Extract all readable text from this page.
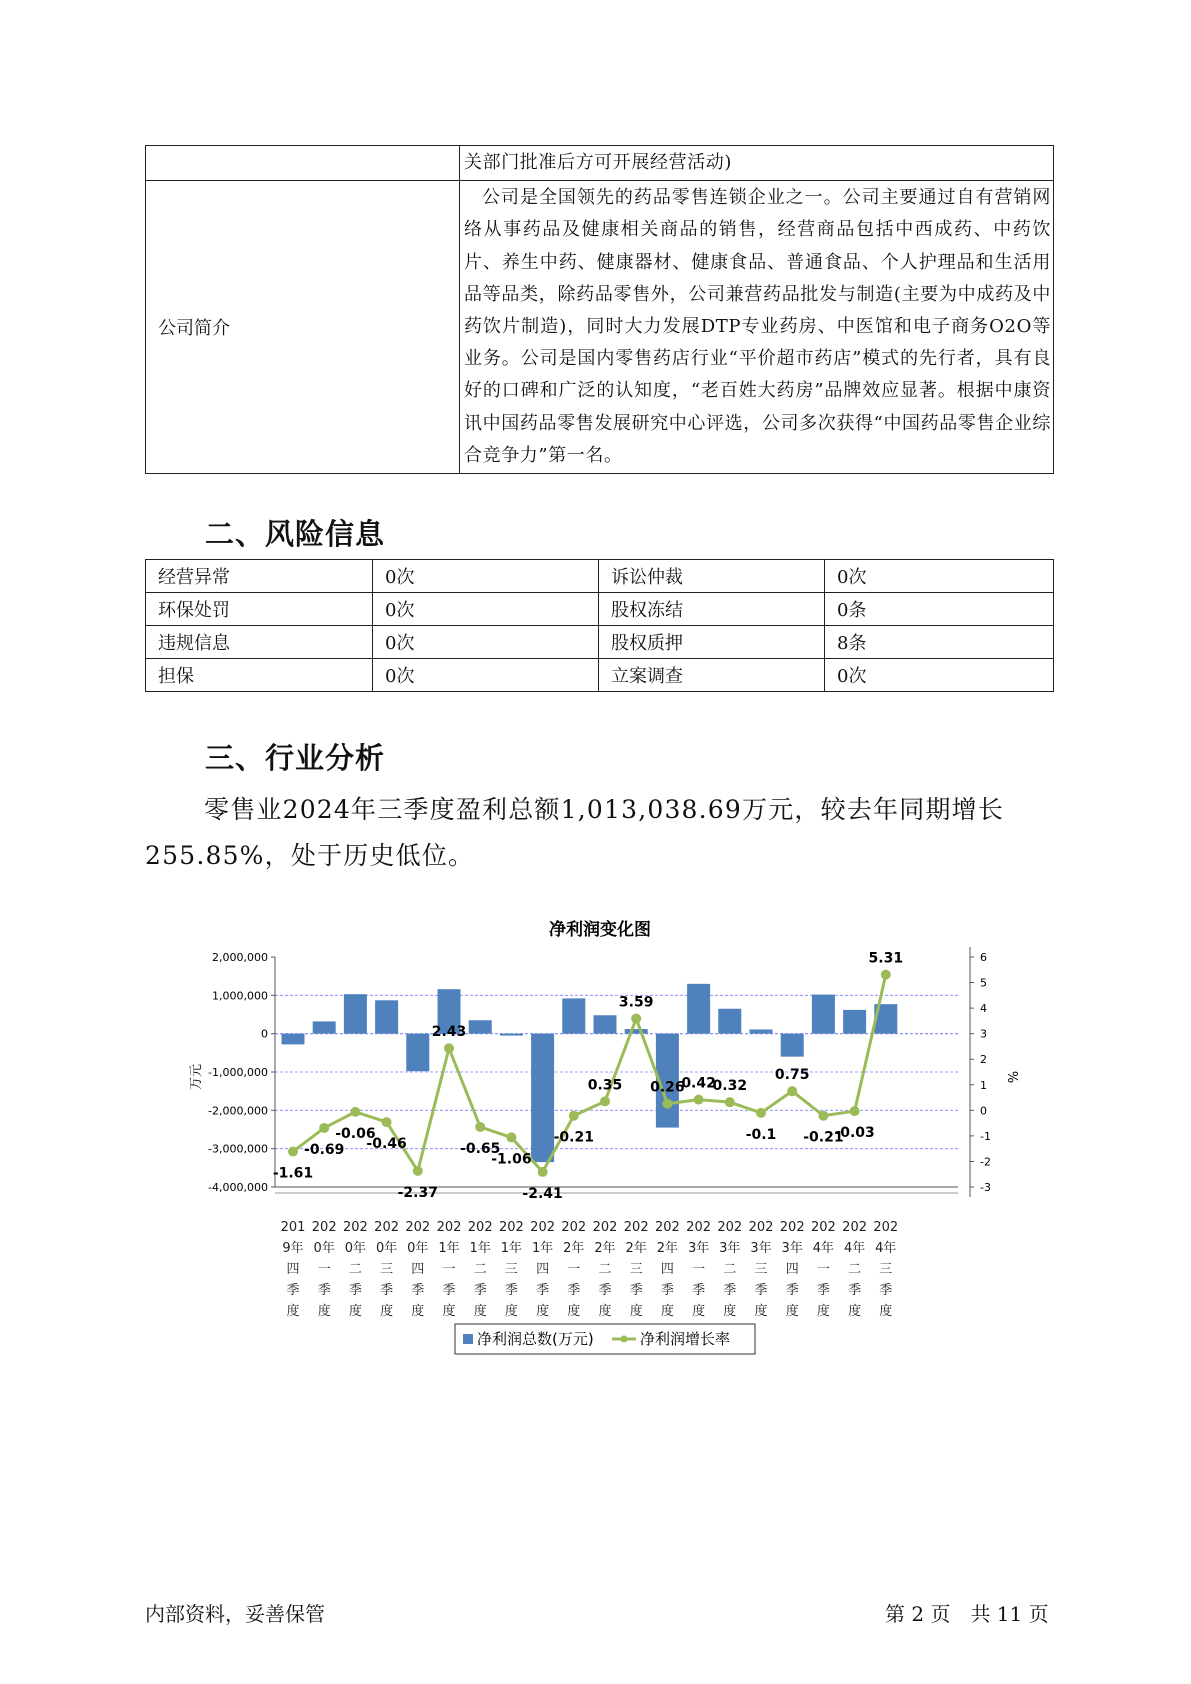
	关部门批准后方可开展经营活动)
公司简介	公司是全国领先的药品零售连锁企业之一。公司主要通过自有营销网络从事药品及健康相关商品的销售，经营商品包括中西成药、中药饮片、养生中药、健康器材、健康食品、普通食品、个人护理品和生活用品等品类，除药品零售外，公司兼营药品批发与制造(主要为中成药及中药饮片制造)，同时大力发展DTP专业药房、中医馆和电子商务O2O等业务。公司是国内零售药店行业“平价超市药店”模式的先行者，具有良好的口碑和广泛的认知度，“老百姓大药房”品牌效应显著。根据中康资讯中国药品零售发展研究中心评选，公司多次获得“中国药品零售企业综合竞争力”第一名。

二、风险信息
经营异常	0次	诉讼仲裁	0次
环保处罚	0次	股权冻结	0条
违规信息	0次	股权质押	8条
担保	0次	立案调查	0次
三、行业分析
零售业2024年三季度盈利总额1,013,038.69万元，较去年同期增长
255.85%，处于历史低位。
净利润变化图
2,000,000
1,000,000
0
-1,000,000
-2,000,000
-3,000,000
-4,000,000
6
5
4
3
2
1
0
-1
-2
-3
-1.61
-0.69
-0.06
-0.46
-2.37
2.43
-0.65
-1.06
-2.41
-0.21
0.35
3.59
0.26
0.42
0.32
-0.1
0.75
-0.21
-0.03
5.31
201
9年
四
季
度
202
0年
一
季
度
202
0年
二
季
度
202
0年
三
季
度
202
0年
四
季
度
202
1年
一
季
度
202
1年
二
季
度
202
1年
三
季
度
202
1年
四
季
度
202
2年
一
季
度
202
2年
二
季
度
202
2年
三
季
度
202
2年
四
季
度
202
3年
一
季
度
202
3年
二
季
度
202
3年
三
季
度
202
3年
四
季
度
202
4年
一
季
度
202
4年
二
季
度
202
4年
三
季
度
万元	%
净利润总数(万元)	净利润增长率
内部资料，妥善保管	第 2 页　共 11 页
